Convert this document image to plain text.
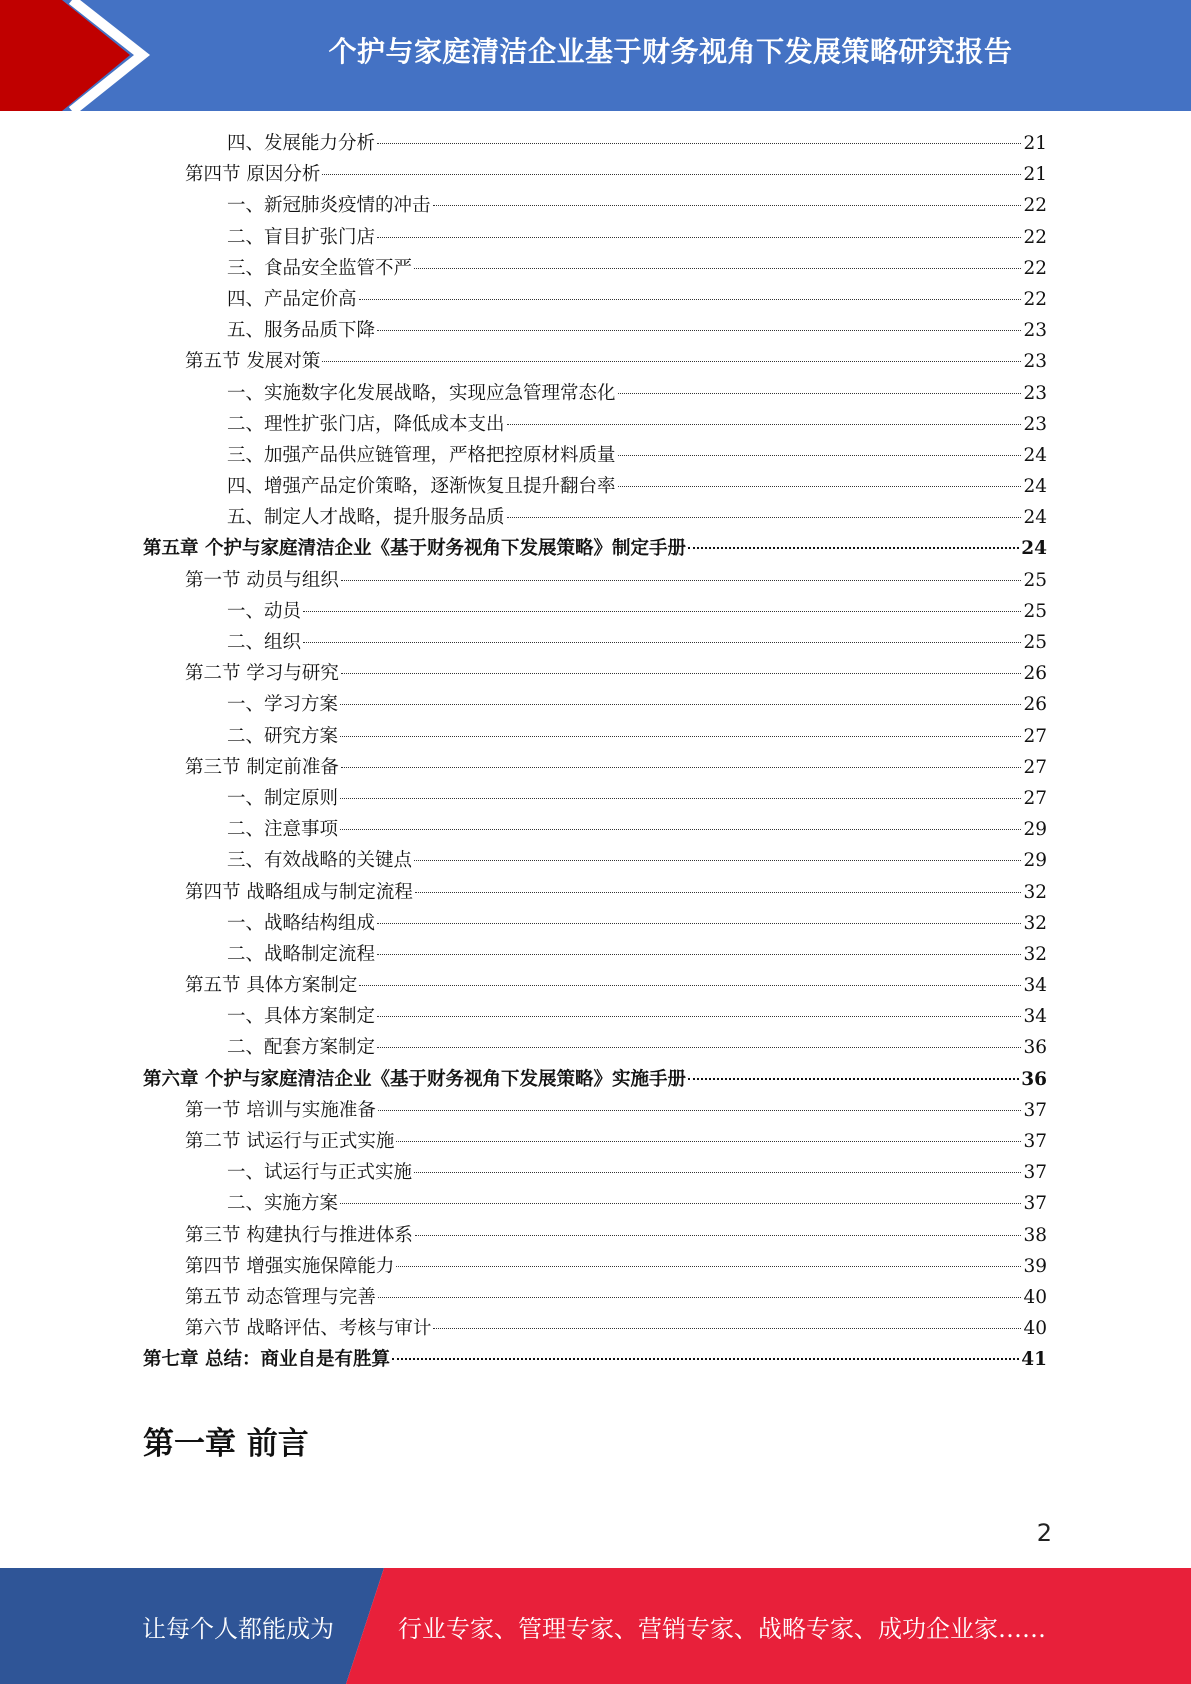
个护与家庭清洁企业基于财务视角下发展策略研究报告
四、发展能力分析	21
第四节 原因分析	21
一、新冠肺炎疫情的冲击	22
二、盲目扩张门店	22
三、食品安全监管不严	22
四、产品定价高	22
五、服务品质下降	23
第五节 发展对策	23
一、实施数字化发展战略，实现应急管理常态化	23
二、理性扩张门店，降低成本支出	23
三、加强产品供应链管理，严格把控原材料质量	24
四、增强产品定价策略，逐渐恢复且提升翻台率	24
五、制定人才战略，提升服务品质	24
第五章 个护与家庭清洁企业《基于财务视角下发展策略》制定手册	24
第一节 动员与组织	25
一、动员	25
二、组织	25
第二节 学习与研究	26
一、学习方案	26
二、研究方案	27
第三节 制定前准备	27
一、制定原则	27
二、注意事项	29
三、有效战略的关键点	29
第四节 战略组成与制定流程	32
一、战略结构组成	32
二、战略制定流程	32
第五节 具体方案制定	34
一、具体方案制定	34
二、配套方案制定	36
第六章 个护与家庭清洁企业《基于财务视角下发展策略》实施手册	36
第一节 培训与实施准备	37
第二节 试运行与正式实施	37
一、试运行与正式实施	37
二、实施方案	37
第三节 构建执行与推进体系	38
第四节 增强实施保障能力	39
第五节 动态管理与完善	40
第六节 战略评估、考核与审计	40
第七章 总结：商业自是有胜算	41
第一章 前言
2
让每个人都能成为	行业专家、管理专家、营销专家、战略专家、成功企业家……
